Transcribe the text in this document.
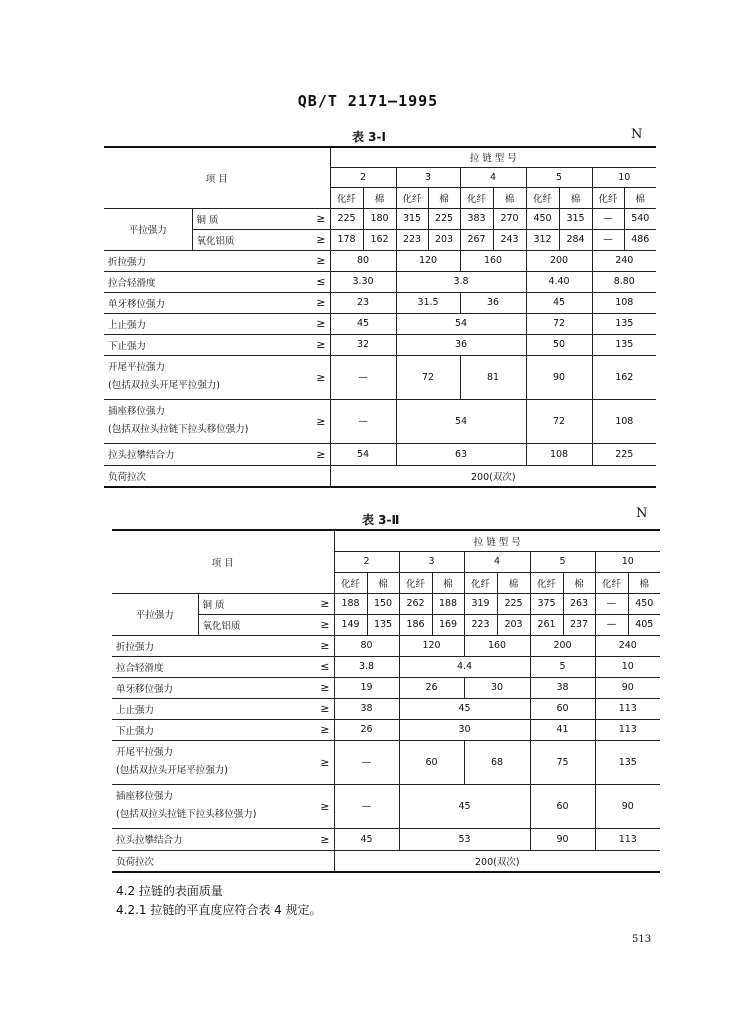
QB/T 2171—1995
表 3-Ⅰ	N
项 目			拉 链 型 号									
			2		3		4		5		10	
			化纤	棉	化纤	棉	化纤	棉	化纤	棉	化纤	棉
平拉强力	铜 质	≥	225	180	315	225	383	270	450	315	—	540
	氧化铝质	≥	178	162	223	203	267	243	312	284	—	486
折拉强力		≥	80		120		160		200		240	
拉合轻滑度		≤	3.30		3.8				4.40		8.80	
单牙移位强力		≥	23		31.5		36		45		108	
上止强力		≥	45		54				72		135	
下止强力		≥	32		36				50		135	
开尾平拉强力
(包括双拉头开尾平拉强力)		≥	—		72		81		90		162	
插座移位强力
(包括双拉头拉链下拉头移位强力)		≥	—		54				72		108	
拉头拉攀结合力		≥	54		63				108		225	
负荷拉次			200(双次)									
表 3-Ⅱ	N
项 目			拉 链 型 号									
			2		3		4		5		10	
			化纤	棉	化纤	棉	化纤	棉	化纤	棉	化纤	棉
平拉强力	铜 质	≥	188	150	262	188	319	225	375	263	—	450
	氧化铝质	≥	149	135	186	169	223	203	261	237	—	405
折拉强力		≥	80		120		160		200		240	
拉合轻滑度		≤	3.8		4.4				5		10	
单牙移位强力		≥	19		26		30		38		90	
上止强力		≥	38		45				60		113	
下止强力		≥	26		30				41		113	
开尾平拉强力
(包括双拉头开尾平拉强力)		≥	—		60		68		75		135	
插座移位强力
(包括双拉头拉链下拉头移位强力)		≥	—		45				60		90	
拉头拉攀结合力		≥	45		53				90		113	
负荷拉次			200(双次)									
4.2 拉链的表面质量
4.2.1 拉链的平直度应符合表 4 规定。
513
